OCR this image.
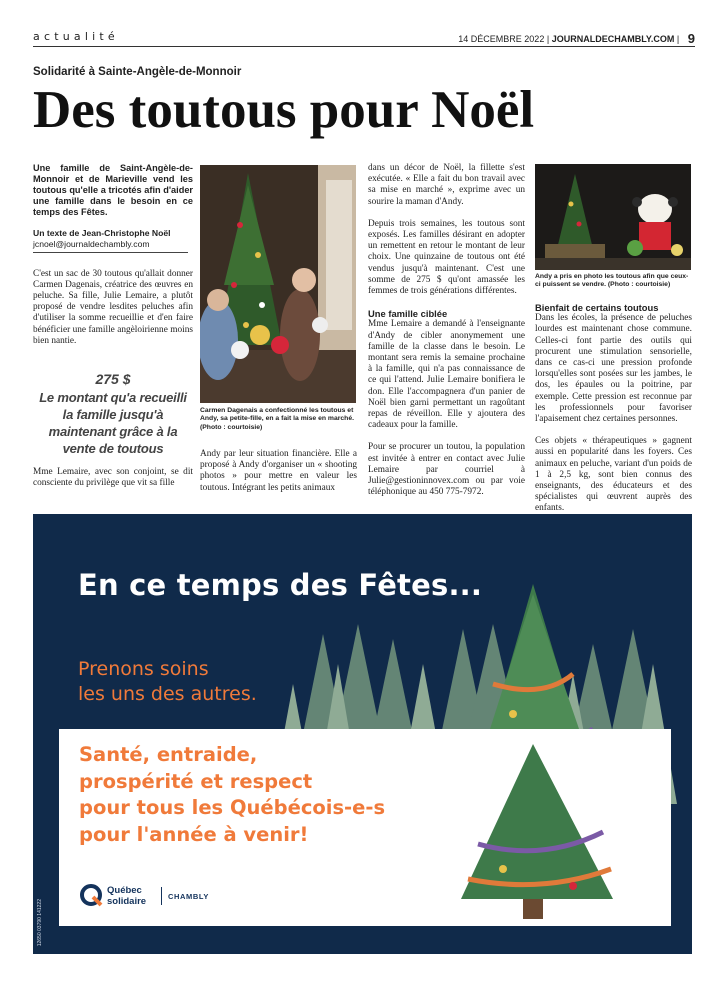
actualité	14 DÉCEMBRE 2022 | JOURNALDECHAMBLY.COM | 9
Solidarité à Sainte-Angèle-de-Monnoir
Des toutous pour Noël
Une famille de Saint-Angèle-de-Monnoir et de Marieville vend les toutous qu'elle a tricotés afin d'aider une famille dans le besoin en ce temps des Fêtes.
Un texte de Jean-Christophe Noël
jcnoel@journaldechambly.com

C'est un sac de 30 toutous qu'allait donner Carmen Dagenais, créatrice des œuvres en peluche. Sa fille, Julie Lemaire, a plutôt proposé de vendre lesdites peluches afin d'utiliser la somme recueillie et d'en faire bénéficier une famille angèloirienne moins bien nantie.

275 $
Le montant qu'a recueilli la famille jusqu'à maintenant grâce à la vente de toutous

Mme Lemaire, avec son conjoint, se dit consciente du privilège que vit sa fille

Carmen Dagenais a confectionné les toutous et Andy, sa petite-fille, en a fait la mise en marché. (Photo : courtoisie)

Andy par leur situation financière. Elle a proposé à Andy d'organiser un « shooting photos » pour mettre en valeur les toutous. Intégrant les petits animaux

dans un décor de Noël, la fillette s'est exécutée. « Elle a fait du bon travail avec sa mise en marché », exprime avec un sourire la maman d'Andy.

Depuis trois semaines, les toutous sont exposés. Les familles désirant en adopter un remettent en retour le montant de leur choix. Une quinzaine de toutous ont été vendus jusqu'à maintenant. C'est une somme de 275 $ qu'ont amassée les femmes de trois générations différentes.

Une famille ciblée

Mme Lemaire a demandé à l'enseignante d'Andy de cibler anonymement une famille de la classe dans le besoin. Le montant sera remis la semaine prochaine à la famille, qui n'a pas connaissance de ce qui l'attend. Julie Lemaire bonifiera le don. Elle l'accompagnera d'un panier de Noël bien garni permettant un ragoûtant repas de réveillon. Elle y ajoutera des cadeaux pour la famille.

Pour se procurer un toutou, la population est invitée à entrer en contact avec Julie Lemaire par courriel à Julie@gestioninnovex.com ou par voie téléphonique au 450 775-7972.

Andy a pris en photo les toutous afin que ceux-ci puissent se vendre. (Photo : courtoisie)
Bienfait de certains toutous

Dans les écoles, la présence de peluches lourdes est maintenant chose commune. Celles-ci font partie des outils qui procurent une stimulation sensorielle, dans ce cas-ci une pression profonde lorsqu'elles sont posées sur les jambes, le dos, les épaules ou la poitrine, par exemple. Cette pression est reconnue par les professionnels pour favoriser l'apaisement chez certaines personnes.

Ces objets « thérapeutiques » gagnent aussi en popularité dans les foyers. Ces animaux en peluche, variant d'un poids de 1 à 2,5 kg, sont bien connus des enseignants, des éducateurs et des spécialistes qui œuvrent auprès des enfants.

En ce temps des Fêtes...
Prenons soins
les uns des autres.
Santé, entraide,
prospérité et respect
pour tous les Québécois-e-s
pour l'année à venir!
Québec
solidaire	CHAMBLY
12650 03790 141222
